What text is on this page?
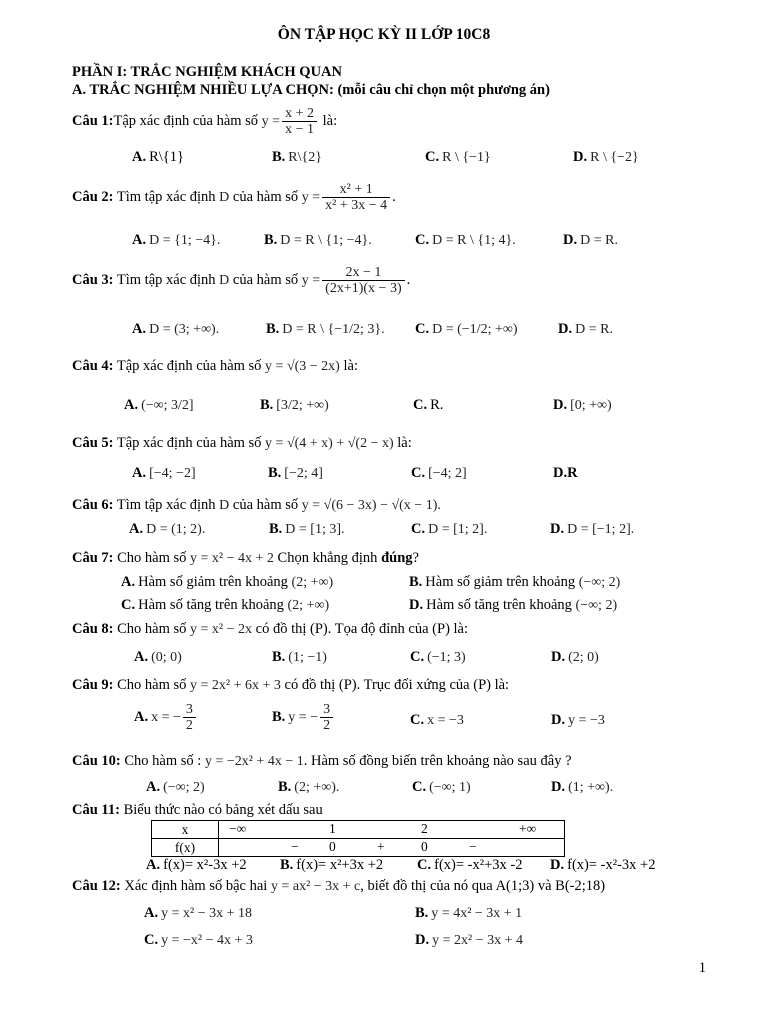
ÔN TẬP HỌC KỲ II LỚP 10C8
PHẦN I: TRẮC NGHIỆM KHÁCH QUAN
A. TRẮC NGHIỆM NHIỀU LỰA CHỌN: (mỗi câu chỉ chọn một phương án)
Câu 1:Tập xác định của hàm số $y = \frac{x + 2}{x - 1}$ là:
A. R\{1}	B. R\{2}	C. R \ {−1}	D. R \ {−2}
Câu 2: Tìm tập xác định D của hàm số $y = \frac{\text{x² + 1}}{\text{x² + 3x − 4}}$ .
A. D = {1; −4}.	B. D = R \ {1; −4}.	C. D = R \ {1; 4}.	D. D = R.
Câu 3: Tìm tập xác định D của hàm số $y = \frac{2x - 1}{(2x+1)(x - 3)}$ .
A. D = (3; +∞).	B. D = R \ {−1/2; 3}. C. D = (−1/2; +∞)	D. D = R.
Câu 4: Tập xác định của hàm số y = √(3 − 2x) là:
A. (−∞; 3/2]	B. [3/2; +∞)	C. R.	D. [0; +∞)
Câu 5: Tập xác định của hàm số y = √(4 + x) + √(2 − x) là:
A. [−4; −2]	B. [−2; 4]	C. [−4; 2]	D.R
Câu 6: Tìm tập xác định D của hàm số y = √(6 − 3x) − √(x − 1).
A. D = (1; 2).	B. D = [1; 3].	C. D = [1; 2].	D. D = [−1; 2].
Câu 7: Cho hàm số y = x² − 4x + 2 Chọn khẳng định đúng?
A. Hàm số giảm trên khoảng (2; +∞)	B. Hàm số giảm trên khoảng (−∞; 2)
C. Hàm số tăng trên khoảng (2; +∞)	D. Hàm số tăng trên khoảng (−∞; 2)
Câu 8: Cho hàm số y = x² − 2x có đồ thị (P). Tọa độ đỉnh của (P) là:
A. (0; 0)	B. (1; −1)	C. (−1; 3)	D. (2; 0)
Câu 9: Cho hàm số y = 2x² + 6x + 3 có đồ thị (P). Trục đối xứng của (P) là:
A. x = − $\frac{3}{2}$	B. y = − $\frac{3}{2}$	C. x = −3	D. y = −3
Câu 10: Cho hàm số : y = −2x² + 4x − 1. Hàm số đồng biến trên khoảng nào sau đây ?
A. (−∞; 2)	B. (2; +∞).	C. (−∞; 1)	D. (1; +∞).
Câu 11: Biểu thức nào có bảng xét dấu sau
x	−∞ 1 2 +∞

f(x)	− 0 + 0 −
A. f(x)= x²-3x +2 B. f(x)= x²+3x +2 C. f(x)= -x²+3x -2 D. f(x)= -x²-3x +2
Câu 12: Xác định hàm số bậc hai y = ax² − 3x + c, biết đồ thị của nó qua A(1;3) và B(-2;18)
A. y = x² − 3x + 18	B. y = 4x² − 3x + 1
C. y = −x² − 4x + 3	D. y = 2x² − 3x + 4
1
